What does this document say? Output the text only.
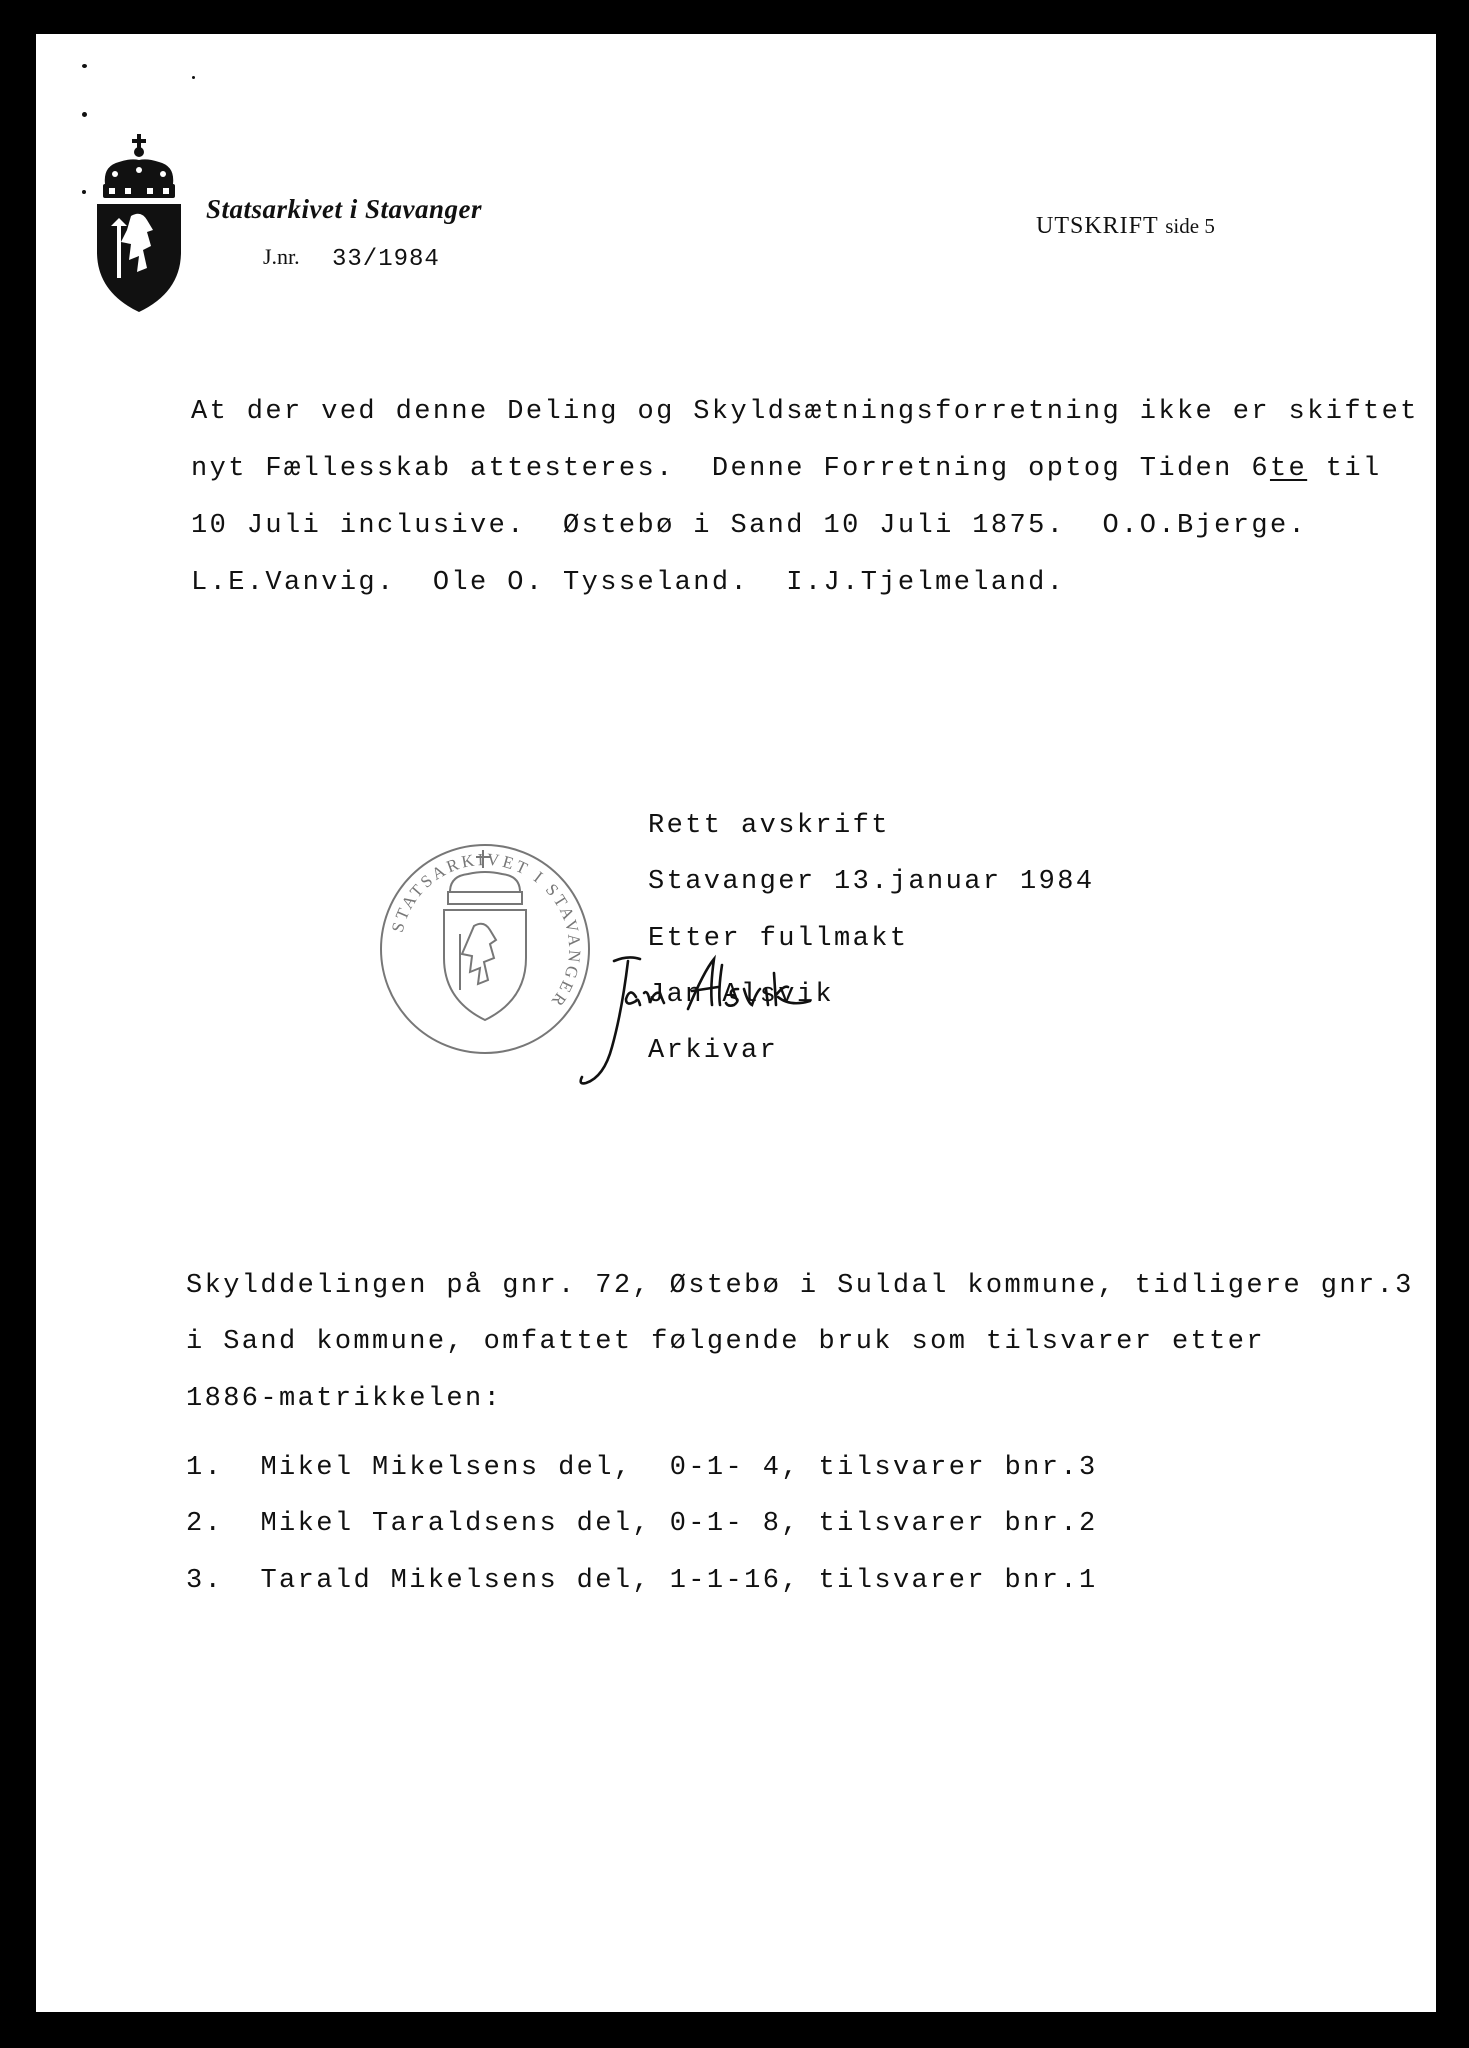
Statsarkivet i Stavanger
J.nr. 33/1984
UTSKRIFT side 5
At der ved denne Deling og Skyldsætningsforretning ikke er skiftet
nyt Fællesskab attesteres.  Denne Forretning optog Tiden 6te til
10 Juli inclusive.  Østebø i Sand 10 Juli 1875.  O.O.Bjerge.
L.E.Vanvig.  Ole O. Tysseland.  I.J.Tjelmeland.
STATSARKIVET I STAVANGER
Rett avskrift
Stavanger 13.januar 1984
Etter fullmakt
Jan Alsvik
Arkivar
Skylddelingen på gnr. 72, Østebø i Suldal kommune, tidligere gnr.3
i Sand kommune, omfattet følgende bruk som tilsvarer etter
1886-matrikkelen:
1. Mikel Mikelsens del, 0-1- 4, tilsvarer bnr.3
2. Mikel Taraldsens del, 0-1- 8, tilsvarer bnr.2
3. Tarald Mikelsens del, 1-1-16, tilsvarer bnr.1
